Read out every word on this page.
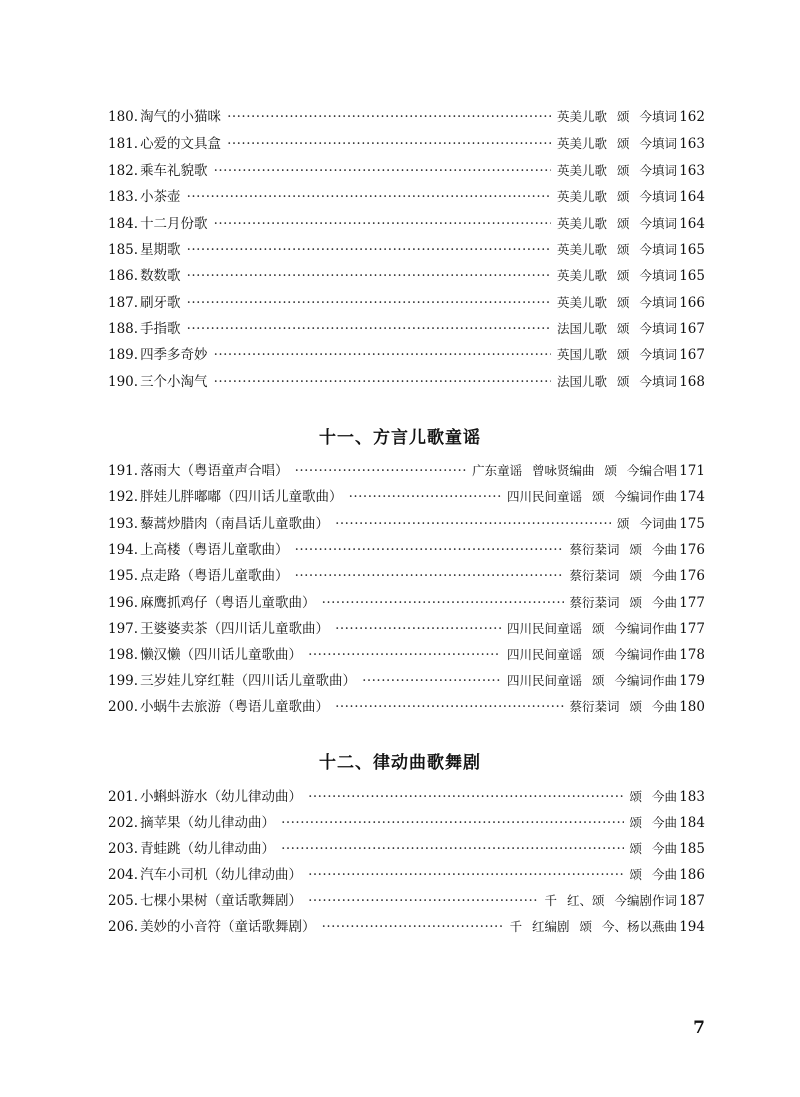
180. 淘气的小猫咪 ·····	英美儿歌 颂 今填词 162
181. 心爱的文具盒 ·····	英美儿歌 颂 今填词 163
182. 乘车礼貌歌 ·····	英美儿歌 颂 今填词 163
183. 小茶壶 ·····	英美儿歌 颂 今填词 164
184. 十二月份歌 ·····	英美儿歌 颂 今填词 164
185. 星期歌 ·····	英美儿歌 颂 今填词 165
186. 数数歌 ·····	英美儿歌 颂 今填词 165
187. 刷牙歌 ·····	英美儿歌 颂 今填词 166
188. 手指歌 ·····	法国儿歌 颂 今填词 167
189. 四季多奇妙 ·····	英国儿歌 颂 今填词 167
190. 三个小淘气 ·····	法国儿歌 颂 今填词 168
十一、方言儿歌童谣
191. 落雨大（粤语童声合唱） ·····	广东童谣 曾咏贤编曲 颂 今编合唱 171
192. 胖娃儿胖嘟嘟（四川话儿童歌曲） ·····	四川民间童谣 颂 今编词作曲 174
193. 藜蒿炒腊肉（南昌话儿童歌曲） ·····	颂 今词曲 175
194. 上高楼（粤语儿童歌曲） ·····	蔡衍棻词 颂 今曲 176
195. 点走路（粤语儿童歌曲） ·····	蔡衍棻词 颂 今曲 176
196. 麻鹰抓鸡仔（粤语儿童歌曲） ·····	蔡衍棻词 颂 今曲 177
197. 王婆婆卖茶（四川话儿童歌曲） ·····	四川民间童谣 颂 今编词作曲 177
198. 懒汉懒（四川话儿童歌曲） ·····	四川民间童谣 颂 今编词作曲 178
199. 三岁娃儿穿红鞋（四川话儿童歌曲） ·····	四川民间童谣 颂 今编词作曲 179
200. 小蜗牛去旅游（粤语儿童歌曲） ·····	蔡衍棻词 颂 今曲 180
十二、律动曲歌舞剧
201. 小蝌蚪游水（幼儿律动曲） ·····	颂 今曲 183
202. 摘苹果（幼儿律动曲） ·····	颂 今曲 184
203. 青蛙跳（幼儿律动曲） ·····	颂 今曲 185
204. 汽车小司机（幼儿律动曲） ·····	颂 今曲 186
205. 七棵小果树（童话歌舞剧） ·····	千 红、颂 今编剧作词 187
206. 美妙的小音符（童话歌舞剧） ·····	千 红编剧 颂 今、杨以燕曲 194
7
